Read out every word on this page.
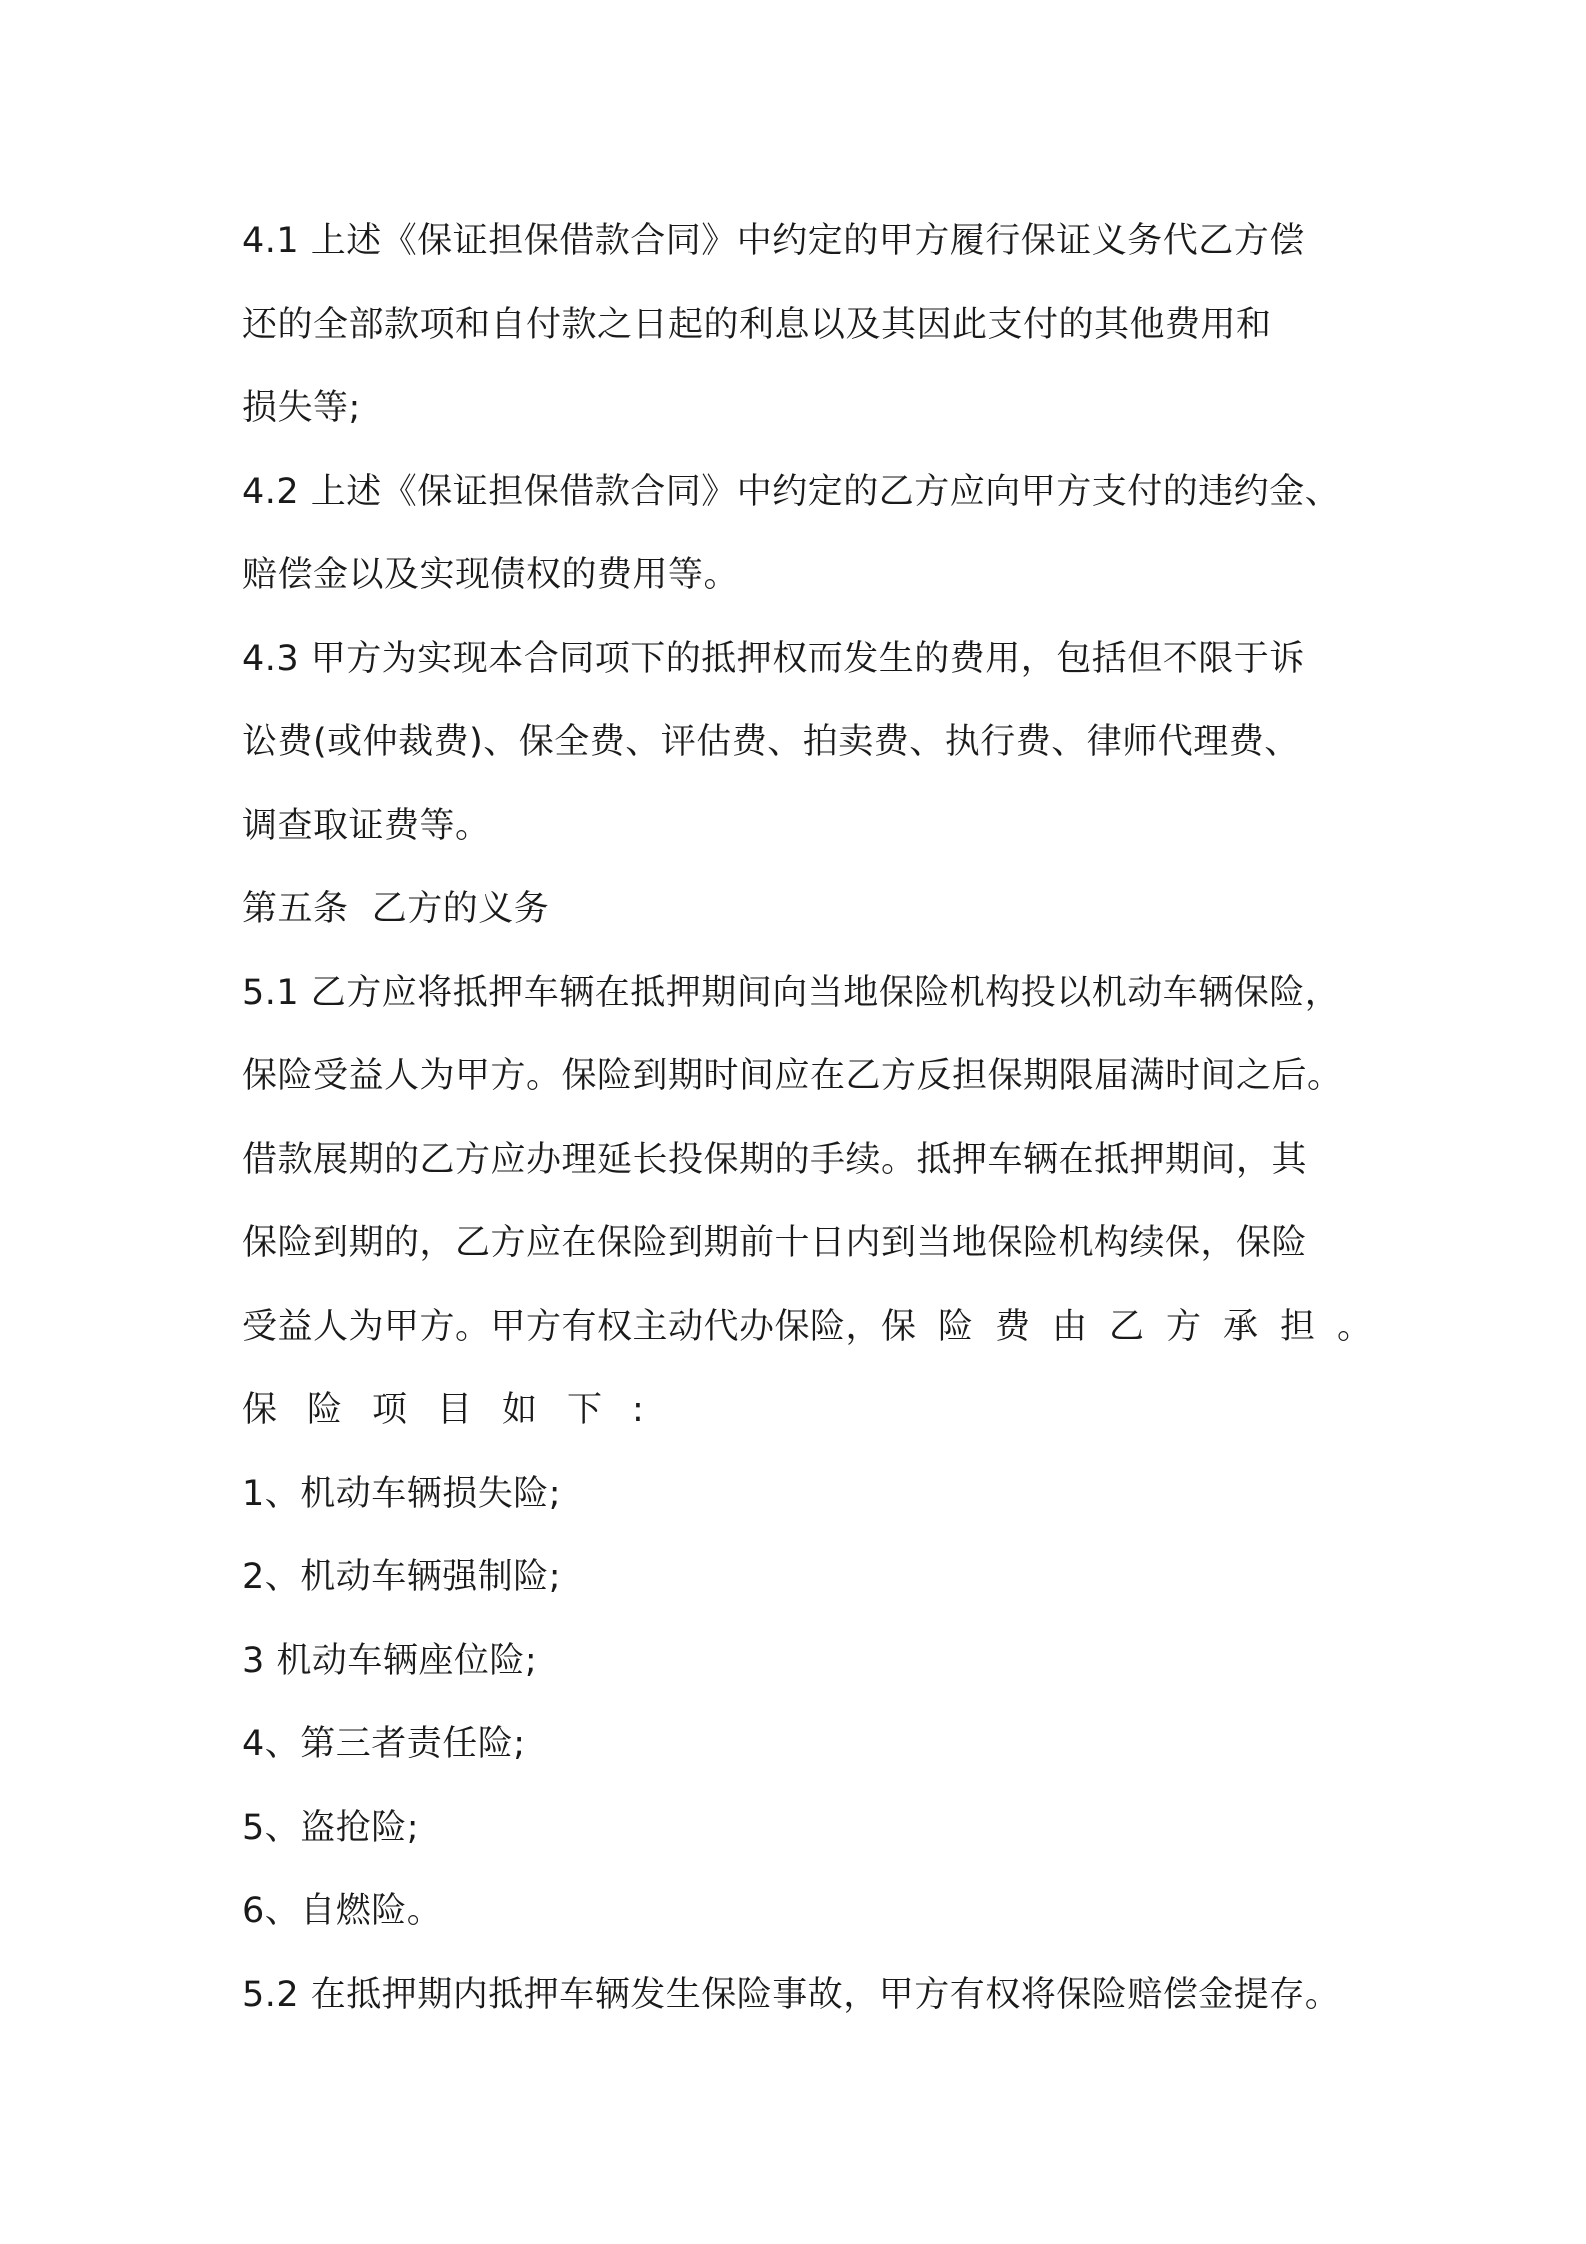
4.1 上述《保证担保借款合同》中约定的甲方履行保证义务代乙方偿
还的全部款项和自付款之日起的利息以及其因此支付的其他费用和
损失等;
4.2 上述《保证担保借款合同》中约定的乙方应向甲方支付的违约金、
赔偿金以及实现债权的费用等。
4.3 甲方为实现本合同项下的抵押权而发生的费用，包括但不限于诉
讼费(或仲裁费)、保全费、评估费、拍卖费、执行费、律师代理费、
调查取证费等。
第五条  乙方的义务
5.1 乙方应将抵押车辆在抵押期间向当地保险机构投以机动车辆保险，
保险受益人为甲方。保险到期时间应在乙方反担保期限届满时间之后。
借款展期的乙方应办理延长投保期的手续。抵押车辆在抵押期间，其
保险到期的，乙方应在保险到期前十日内到当地保险机构续保，保险
受益人为甲方。甲方有权主动代办保险，保险费由乙方承担。
保险项目如下:
1、机动车辆损失险;
2、机动车辆强制险;
3 机动车辆座位险;
4、第三者责任险;
5、盗抢险;
6、自燃险。
5.2 在抵押期内抵押车辆发生保险事故，甲方有权将保险赔偿金提存。
